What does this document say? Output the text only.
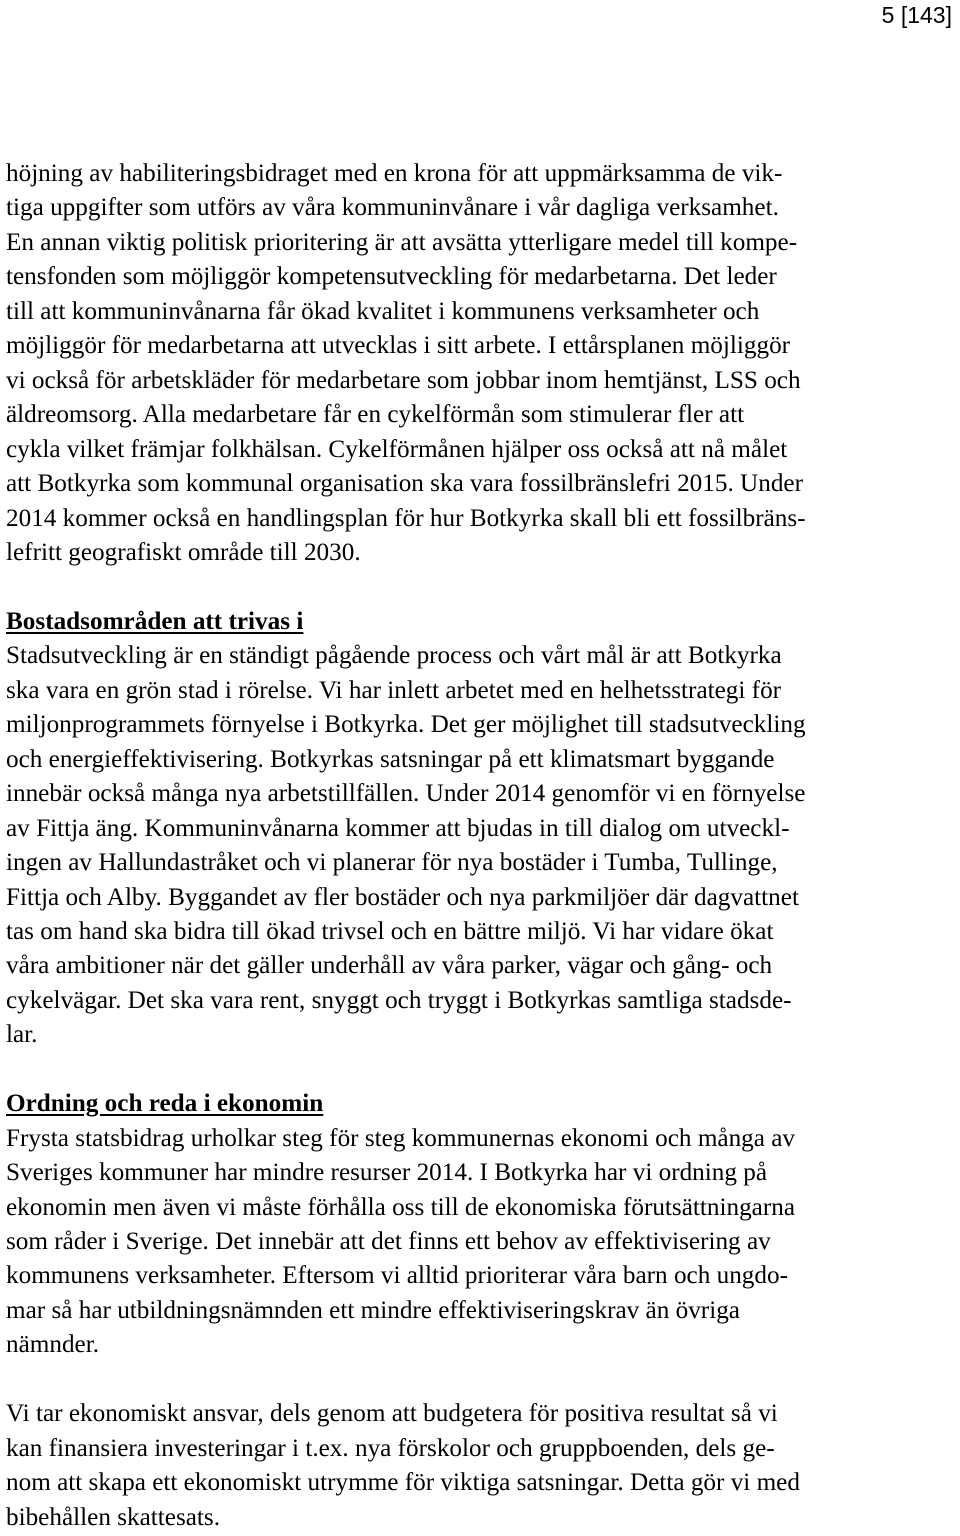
5 [143]
höjning av habiliteringsbidraget med en krona för att uppmärksamma de vik-
tiga uppgifter som utförs av våra kommuninvånare i vår dagliga verksamhet.
En annan viktig politisk prioritering är att avsätta ytterligare medel till kompe-
tensfonden som möjliggör kompetensutveckling för medarbetarna. Det leder
till att kommuninvånarna får ökad kvalitet i kommunens verksamheter och
möjliggör för medarbetarna att utvecklas i sitt arbete. I ettårsplanen möjliggör
vi också för arbetskläder för medarbetare som jobbar inom hemtjänst, LSS och
äldreomsorg. Alla medarbetare får en cykelförmån som stimulerar fler att
cykla vilket främjar folkhälsan. Cykelförmånen hjälper oss också att nå målet
att Botkyrka som kommunal organisation ska vara fossilbränslefri 2015. Under
2014 kommer också en handlingsplan för hur Botkyrka skall bli ett fossilbräns-
lefritt geografiskt område till 2030.
Bostadsområden att trivas i
Stadsutveckling är en ständigt pågående process och vårt mål är att Botkyrka
ska vara en grön stad i rörelse. Vi har inlett arbetet med en helhetsstrategi för
miljonprogrammets förnyelse i Botkyrka. Det ger möjlighet till stadsutveckling
och energieffektivisering. Botkyrkas satsningar på ett klimatsmart byggande
innebär också många nya arbetstillfällen. Under 2014 genomför vi en förnyelse
av Fittja äng. Kommuninvånarna kommer att bjudas in till dialog om utveckl-
ingen av Hallundastråket och vi planerar för nya bostäder i Tumba, Tullinge,
Fittja och Alby. Byggandet av fler bostäder och nya parkmiljöer där dagvattnet
tas om hand ska bidra till ökad trivsel och en bättre miljö. Vi har vidare ökat
våra ambitioner när det gäller underhåll av våra parker, vägar och gång- och
cykelvägar. Det ska vara rent, snyggt och tryggt i Botkyrkas samtliga stadsde-
lar.
Ordning och reda i ekonomin
Frysta statsbidrag urholkar steg för steg kommunernas ekonomi och många av
Sveriges kommuner har mindre resurser 2014. I Botkyrka har vi ordning på
ekonomin men även vi måste förhålla oss till de ekonomiska förutsättningarna
som råder i Sverige. Det innebär att det finns ett behov av effektivisering av
kommunens verksamheter. Eftersom vi alltid prioriterar våra barn och ungdo-
mar så har utbildningsnämnden ett mindre effektiviseringskrav än övriga
nämnder.
Vi tar ekonomiskt ansvar, dels genom att budgetera för positiva resultat så vi
kan finansiera investeringar i t.ex. nya förskolor och gruppboenden, dels ge-
nom att skapa ett ekonomiskt utrymme för viktiga satsningar. Detta gör vi med
bibehållen skattesats.
